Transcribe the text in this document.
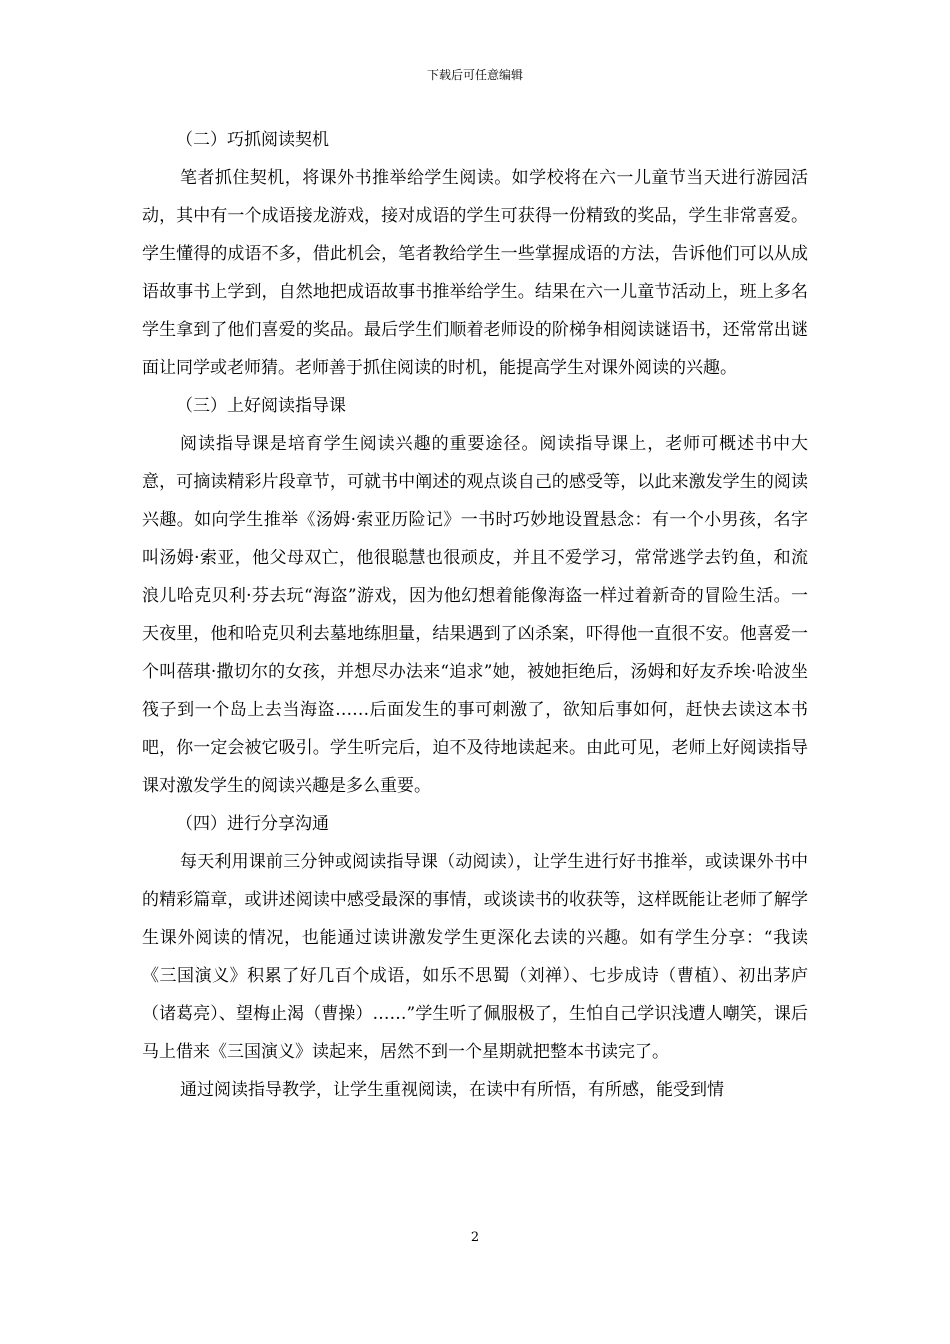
下载后可任意编辑

（二）巧抓阅读契机

笔者抓住契机，将课外书推举给学生阅读。如学校将在六一儿童节当天进行游园活动，其中有一个成语接龙游戏，接对成语的学生可获得一份精致的奖品，学生非常喜爱。学生懂得的成语不多，借此机会，笔者教给学生一些掌握成语的方法，告诉他们可以从成语故事书上学到，自然地把成语故事书推举给学生。结果在六一儿童节活动上，班上多名学生拿到了他们喜爱的奖品。最后学生们顺着老师设的阶梯争相阅读谜语书，还常常出谜面让同学或老师猜。老师善于抓住阅读的时机，能提高学生对课外阅读的兴趣。

（三）上好阅读指导课

阅读指导课是培育学生阅读兴趣的重要途径。阅读指导课上，老师可概述书中大意，可摘读精彩片段章节，可就书中阐述的观点谈自己的感受等，以此来激发学生的阅读兴趣。如向学生推举《汤姆·索亚历险记》一书时巧妙地设置悬念：有一个小男孩，名字叫汤姆·索亚，他父母双亡，他很聪慧也很顽皮，并且不爱学习，常常逃学去钓鱼，和流浪儿哈克贝利·芬去玩“海盗”游戏，因为他幻想着能像海盗一样过着新奇的冒险生活。一天夜里，他和哈克贝利去墓地练胆量，结果遇到了凶杀案，吓得他一直很不安。他喜爱一个叫蓓琪·撒切尔的女孩，并想尽办法来“追求”她，被她拒绝后，汤姆和好友乔埃·哈波坐筏子到一个岛上去当海盗……后面发生的事可刺激了，欲知后事如何，赶快去读这本书吧，你一定会被它吸引。学生听完后，迫不及待地读起来。由此可见，老师上好阅读指导课对激发学生的阅读兴趣是多么重要。

（四）进行分享沟通

每天利用课前三分钟或阅读指导课（动阅读），让学生进行好书推举，或读课外书中的精彩篇章，或讲述阅读中感受最深的事情，或谈读书的收获等，这样既能让老师了解学生课外阅读的情况，也能通过读讲激发学生更深化去读的兴趣。如有学生分享：“我读《三国演义》积累了好几百个成语，如乐不思蜀（刘禅）、七步成诗（曹植）、初出茅庐（诸葛亮）、望梅止渴（曹操）……”学生听了佩服极了，生怕自己学识浅遭人嘲笑，课后马上借来《三国演义》读起来，居然不到一个星期就把整本书读完了。

通过阅读指导教学，让学生重视阅读，在读中有所悟，有所感，能受到情

2
